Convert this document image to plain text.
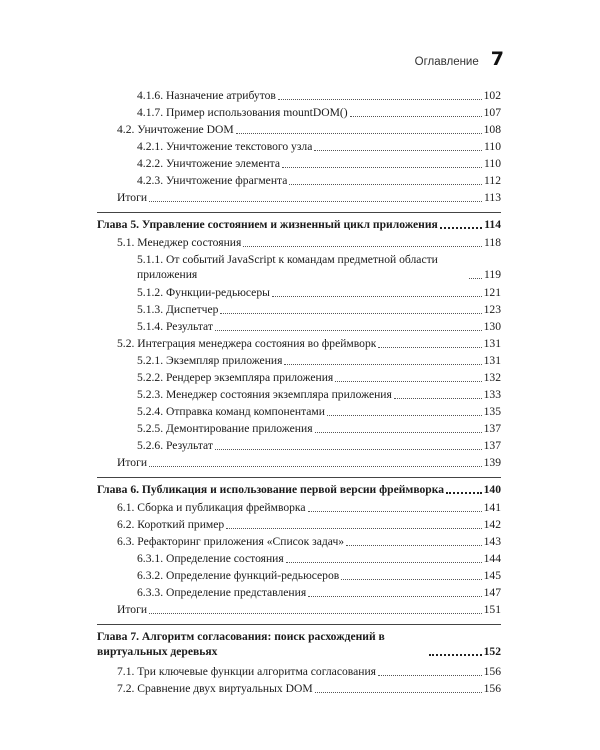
Оглавление 7
4.1.6. Назначение атрибутов	102
4.1.7. Пример использования mountDOM()	107
4.2. Уничтожение DOM	108
4.2.1. Уничтожение текстового узла	110
4.2.2. Уничтожение элемента	110
4.2.3. Уничтожение фрагмента	112
Итоги	113
Глава 5. Управление состоянием и жизненный цикл приложения	114
5.1. Менеджер состояния	118
5.1.1. От событий JavaScript к командам предметной области приложения	119
5.1.2. Функции-редьюсеры	121
5.1.3. Диспетчер	123
5.1.4. Результат	130
5.2. Интеграция менеджера состояния во фреймворк	131
5.2.1. Экземпляр приложения	131
5.2.2. Рендерер экземпляра приложения	132
5.2.3. Менеджер состояния экземпляра приложения	133
5.2.4. Отправка команд компонентами	135
5.2.5. Демонтирование приложения	137
5.2.6. Результат	137
Итоги	139
Глава 6. Публикация и использование первой версии фреймворка	140
6.1. Сборка и публикация фреймворка	141
6.2. Короткий пример	142
6.3. Рефакторинг приложения «Список задач»	143
6.3.1. Определение состояния	144
6.3.2. Определение функций-редьюсеров	145
6.3.3. Определение представления	147
Итоги	151
Глава 7. Алгоритм согласования: поиск расхождений в виртуальных деревьях	152
7.1. Три ключевые функции алгоритма согласования	156
7.2. Сравнение двух виртуальных DOM	156
